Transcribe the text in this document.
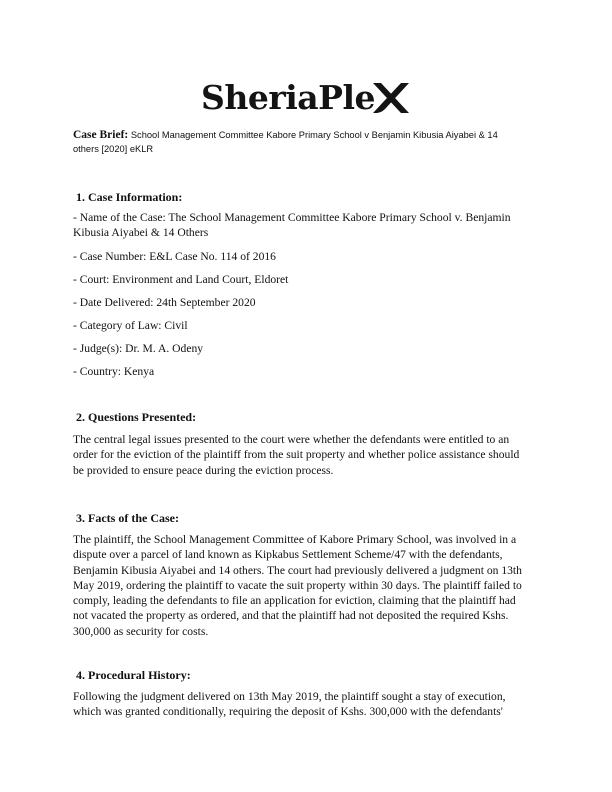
SheriaPle
Case Brief: School Management Committee Kabore Primary School v Benjamin Kibusia Aiyabei & 14
others [2020] eKLR
1. Case Information:
- Name of the Case: The School Management Committee Kabore Primary School v. Benjamin
Kibusia Aiyabei & 14 Others
- Case Number: E&L Case No. 114 of 2016
- Court: Environment and Land Court, Eldoret
- Date Delivered: 24th September 2020
- Category of Law: Civil
- Judge(s): Dr. M. A. Odeny
- Country: Kenya
2. Questions Presented:
The central legal issues presented to the court were whether the defendants were entitled to an
order for the eviction of the plaintiff from the suit property and whether police assistance should
be provided to ensure peace during the eviction process.
3. Facts of the Case:
The plaintiff, the School Management Committee of Kabore Primary School, was involved in a
dispute over a parcel of land known as Kipkabus Settlement Scheme/47 with the defendants,
Benjamin Kibusia Aiyabei and 14 others. The court had previously delivered a judgment on 13th
May 2019, ordering the plaintiff to vacate the suit property within 30 days. The plaintiff failed to
comply, leading the defendants to file an application for eviction, claiming that the plaintiff had
not vacated the property as ordered, and that the plaintiff had not deposited the required Kshs.
300,000 as security for costs.
4. Procedural History:
Following the judgment delivered on 13th May 2019, the plaintiff sought a stay of execution,
which was granted conditionally, requiring the deposit of Kshs. 300,000 with the defendants'
